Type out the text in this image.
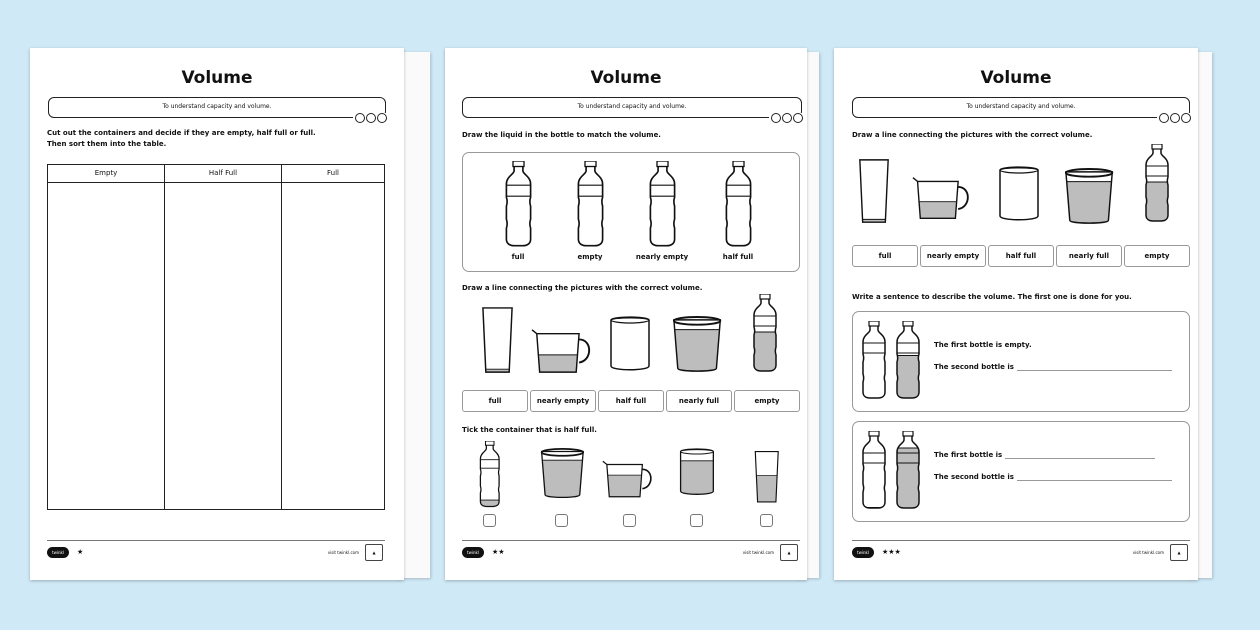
Volume
To understand capacity and volume.
Cut out the containers and decide if they are empty, half full or full.
Then sort them into the table.
Empty	Half Full	Full
twinkl	★	visit twinkl.com	▲
Volume
To understand capacity and volume.
Draw the liquid in the bottle to match the volume.
Draw a line connecting the pictures with the correct volume.
full	nearly empty	half full	nearly full	empty
Tick the container that is half full.
twinkl	★★	visit twinkl.com	▲
full	empty	nearly empty	half full
Volume
To understand capacity and volume.
Draw a line connecting the pictures with the correct volume.
full	nearly empty	half full	nearly full	empty
Write a sentence to describe the volume. The first one is done for you.
twinkl	★★★	visit twinkl.com	▲
The first bottle is empty.
The second bottle is
The first bottle is
The second bottle is
